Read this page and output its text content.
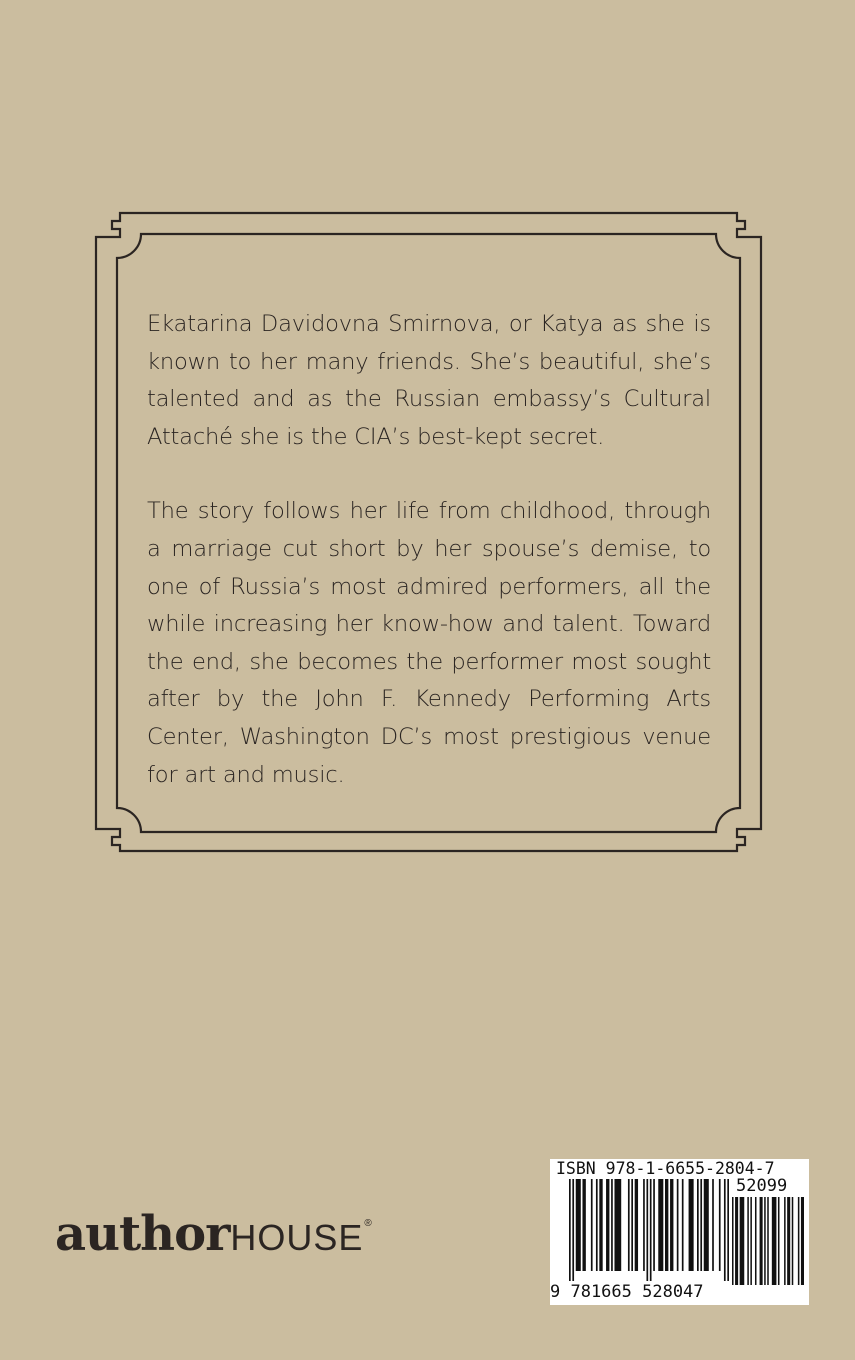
Ekatarina Davidovna Smirnova, or Katya as she is known to her many friends. She’s beautiful, she’s talented and as the Russian embassy’s Cultural Attaché she is the CIA’s best-kept secret.

The story follows her life from childhood, through a marriage cut short by her spouse’s demise, to one of Russia’s most admired performers, all the while increasing her know-how and talent. Toward the end, she becomes the performer most sought after by the John F. Kennedy Performing Arts Center, Washington DC’s most prestigious venue for art and music.

author HOUSE ®
ISBN 978-1-6655-2804-7
52099
9 781665 528047
